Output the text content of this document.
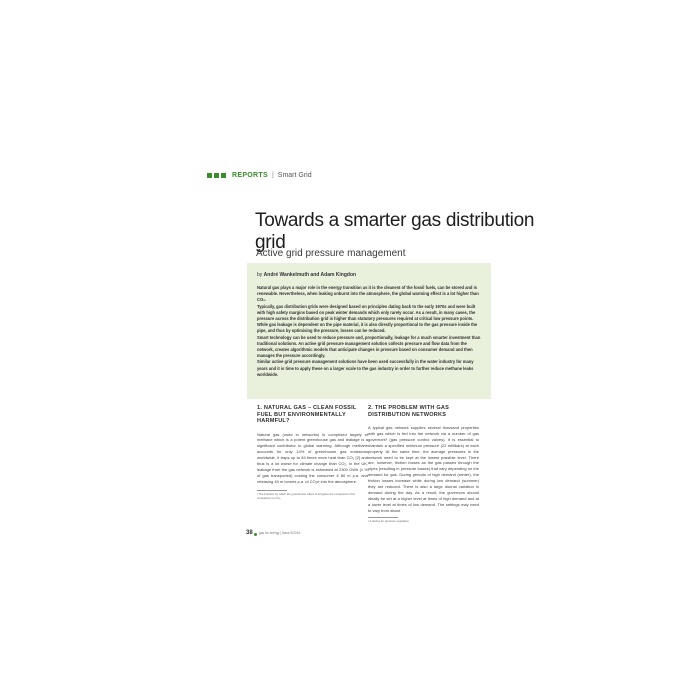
REPORTS | Smart Grid
Towards a smarter gas distribution grid
Active grid pressure management
by André Wankelmuth and Adam Kingdon

Natural gas plays a major role in the energy transition as it is the cleanest of the fossil fuels, can be stored and is renewable. Nevertheless, when leaking unburnt into the atmosphere, the global warming effect is a lot higher than CO₂.

Typically, gas distribution grids were designed based on principles dating back to the early 1970s and were built with high safety margins based on peak winter demands which only rarely occur. As a result, in many cases, the pressure across the distribution grid is higher than statutory pressures required at critical low pressure points. While gas leakage is dependent on the pipe material, it is also directly proportional to the gas pressure inside the pipe, and thus by optimising the pressure, losses can be reduced.

Smart technology can be used to reduce pressure and, proportionally, leakage for a much smarter investment than traditional solutions. An active grid pressure management solution collects pressure and flow data from the network, creates algorithmic models that anticipate changes in pressure based on consumer demand and then manages the pressure accordingly.

Similar active grid pressure management solutions have been used successfully in the water industry for many years and it is time to apply these on a larger scale to the gas industry in order to further reduce methane leaks worldwide.

1. NATURAL GAS – CLEAN FOSSIL FUEL BUT ENVIRONMENTALLY HARMFUL?

Natural gas (used in networks) is comprised largely of methane which is a potent greenhouse gas and leakage is a significant contributor to global warming. Although methane accounts for only 14% of greenhouse gas emissions worldwide, it traps up to 84 times more heat than CO₂ [2] and thus is a lot worse for climate change than CO₂. In the UK, leakage from the gas network is estimated at 2300 GWh (1 % of gas transported) costing the consumer £ 80 m p.a. and releasing 40 m tonnes p.a. of CO₂e into the atmosphere.

2. THE PROBLEM WITH GAS DISTRIBUTION NETWORKS

A typical gas network supplies several thousand properties with gas which is fed into the network via a number of gas governors¹ (gas pressure control valves). It is essential to maintain a specified minimum pressure (22 millibars) at each property. At the same time, the average pressures in the network need to be kept at the lowest possible level. There are, however, friction losses as the gas passes through the pipes (resulting in pressure losses) that vary depending on the demand for gas. During periods of high demand (winter), the friction losses increase while during low demand (summer) they are reduced. There is also a large diurnal variation in demand during the day. As a result, the governors should ideally be set at a higher level at times of high demand and at a lower level at times of low demand. The settings may need to vary from about

¹ The Fraction by which the greenhouse effect of all gases are compared in this comparison to CO₂
¹ A device for pressure regulation
38 gas for energy | Issue 3/2016
